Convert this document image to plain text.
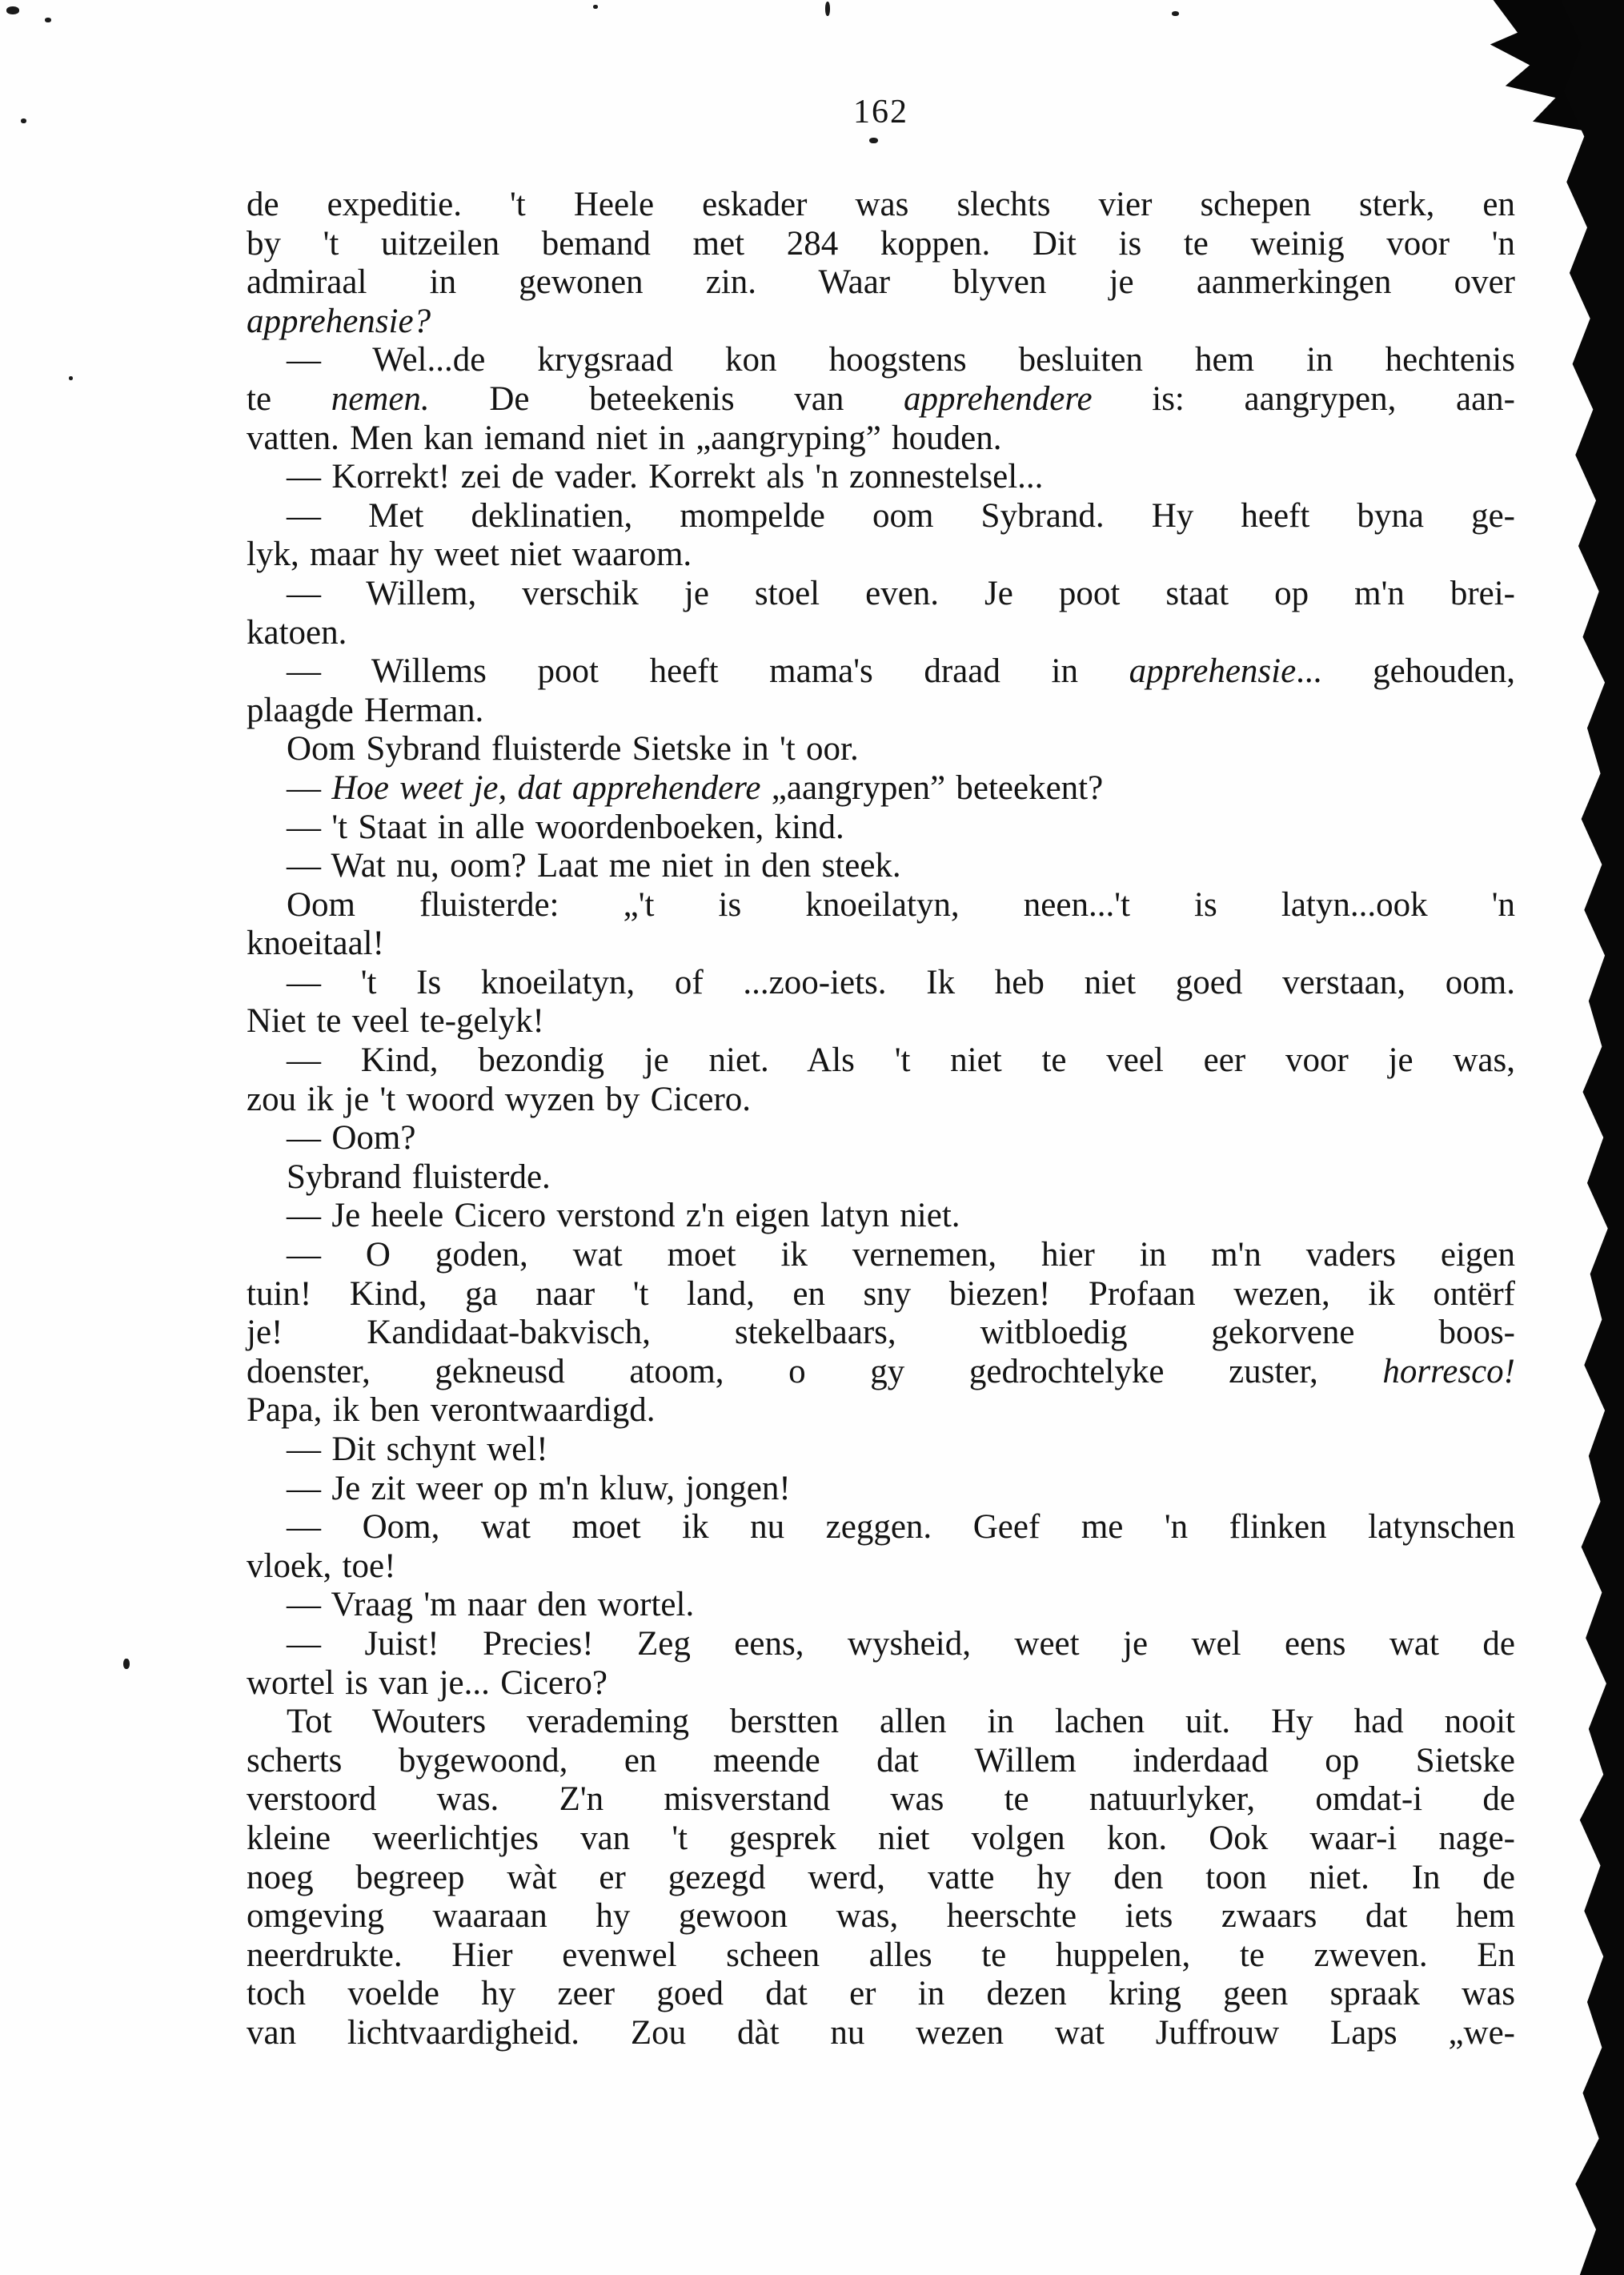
162
de expeditie. 't Heele eskader was slechts vier schepen sterk, en
by 't uitzeilen bemand met 284 koppen. Dit is te weinig voor 'n
admiraal in gewonen zin. Waar blyven je aanmerkingen over
apprehensie?
— Wel...de krygsraad kon hoogstens besluiten hem in hechtenis
te nemen. De beteekenis van apprehendere is: aangrypen, aan-
vatten. Men kan iemand niet in „aangryping” houden.
— Korrekt! zei de vader. Korrekt als 'n zonnestelsel...
— Met deklinatien, mompelde oom Sybrand. Hy heeft byna ge-
lyk, maar hy weet niet waarom.
— Willem, verschik je stoel even. Je poot staat op m'n brei-
katoen.
— Willems poot heeft mama's draad in apprehensie... gehouden,
plaagde Herman.
Oom Sybrand fluisterde Sietske in 't oor.
— Hoe weet je, dat apprehendere „aangrypen” beteekent?
— 't Staat in alle woordenboeken, kind.
— Wat nu, oom? Laat me niet in den steek.
Oom fluisterde: „'t is knoeilatyn, neen...'t is latyn...ook 'n
knoeitaal!
— 't Is knoeilatyn, of ...zoo-iets. Ik heb niet goed verstaan, oom.
Niet te veel te-gelyk!
— Kind, bezondig je niet. Als 't niet te veel eer voor je was,
zou ik je 't woord wyzen by Cicero.
— Oom?
Sybrand fluisterde.
— Je heele Cicero verstond z'n eigen latyn niet.
— O goden, wat moet ik vernemen, hier in m'n vaders eigen
tuin! Kind, ga naar 't land, en sny biezen! Profaan wezen, ik ontërf
je! Kandidaat-bakvisch, stekelbaars, witbloedig gekorvene boos-
doenster, gekneusd atoom, o gy gedrochtelyke zuster, horresco!
Papa, ik ben verontwaardigd.
— Dit schynt wel!
— Je zit weer op m'n kluw, jongen!
— Oom, wat moet ik nu zeggen. Geef me 'n flinken latynschen
vloek, toe!
— Vraag 'm naar den wortel.
— Juist! Precies! Zeg eens, wysheid, weet je wel eens wat de
wortel is van je... Cicero?
Tot Wouters verademing berstten allen in lachen uit. Hy had nooit
scherts bygewoond, en meende dat Willem inderdaad op Sietske
verstoord was. Z'n misverstand was te natuurlyker, omdat-i de
kleine weerlichtjes van 't gesprek niet volgen kon. Ook waar-i nage-
noeg begreep wàt er gezegd werd, vatte hy den toon niet. In de
omgeving waaraan hy gewoon was, heerschte iets zwaars dat hem
neerdrukte. Hier evenwel scheen alles te huppelen, te zweven. En
toch voelde hy zeer goed dat er in dezen kring geen spraak was
van lichtvaardigheid. Zou dàt nu wezen wat Juffrouw Laps „we-
